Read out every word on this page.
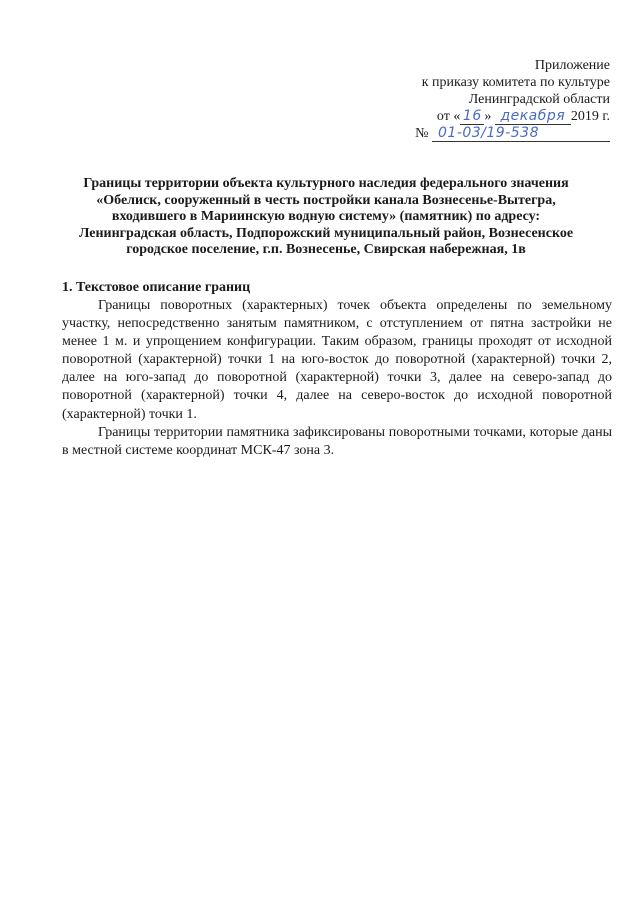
Приложение
к приказу комитета по культуре
Ленинградской области
от « 16 » декабря 2019 г.
№ 01-03/19-538
Границы территории объекта культурного наследия федерального значения
«Обелиск, сооруженный в честь постройки канала Вознесенье-Вытегра,
входившего в Мариинскую водную систему» (памятник) по адресу:
Ленинградская область, Подпорожский муниципальный район, Вознесенское
городское поселение, г.п. Вознесенье, Свирская набережная, 1в
1. Текстовое описание границ

Границы поворотных (характерных) точек объекта определены по земельному участку, непосредственно занятым памятником, с отступлением от пятна застройки не менее 1 м. и упрощением конфигурации. Таким образом, границы проходят от исходной поворотной (характерной) точки 1 на юго-восток до поворотной (характерной) точки 2, далее на юго-запад до поворотной (характерной) точки 3, далее на северо-запад до поворотной (характерной) точки 4, далее на северо-восток до исходной поворотной (характерной) точки 1.

Границы территории памятника зафиксированы поворотными точками, которые даны в местной системе координат МСК-47 зона 3.
